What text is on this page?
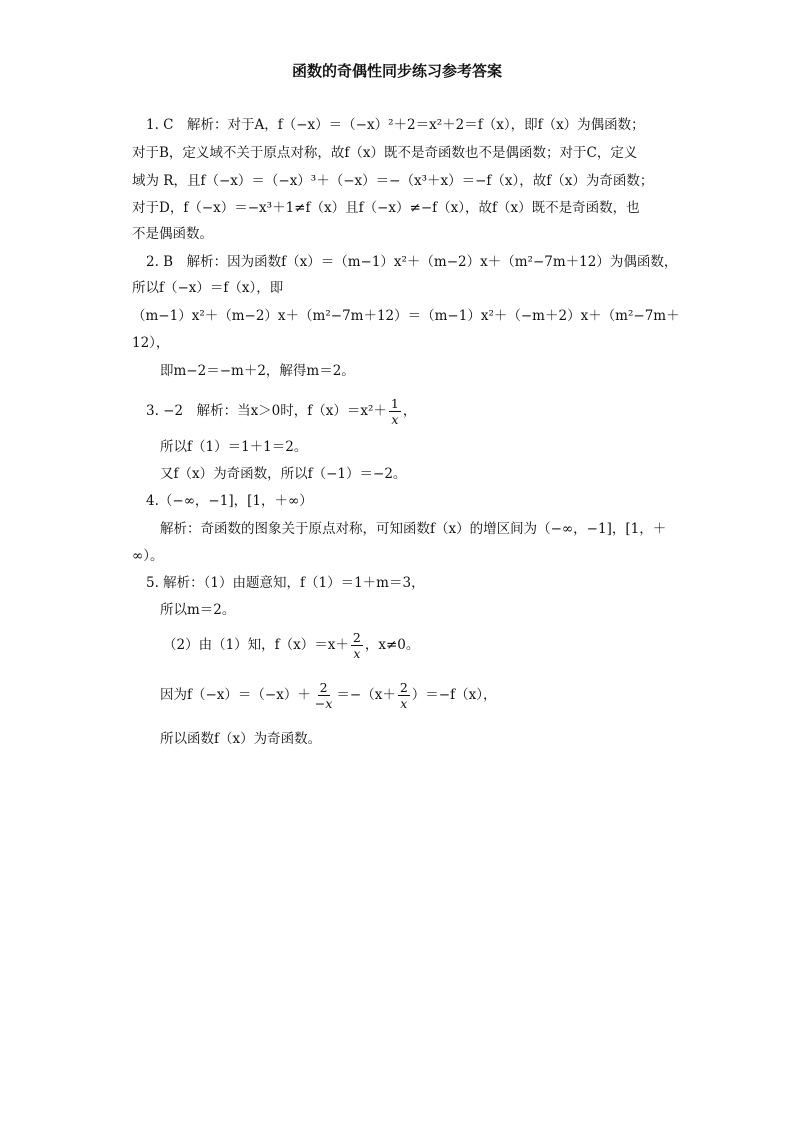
函数的奇偶性同步练习参考答案
1. C　解析：对于A，f（−x）＝（−x）²＋2＝x²＋2＝f（x），即f（x）为偶函数；
对于B，定义域不关于原点对称，故f（x）既不是奇函数也不是偶函数；对于C，定义
域为 R，且f（−x）＝（−x）³＋（−x）＝−（x³＋x）＝−f（x），故f（x）为奇函数；
对于D，f（−x）＝−x³＋1≠f（x）且f（−x）≠−f（x），故f（x）既不是奇函数，也
不是偶函数。
2. B　解析：因为函数f（x）＝（m−1）x²＋（m−2）x＋（m²−7m＋12）为偶函数，
所以f（−x）＝f（x），即
（m−1）x²＋（m−2）x＋（m²−7m＋12）＝（m−1）x²＋（−m＋2）x＋（m²−7m＋
12），
即m−2＝−m＋2，解得m＝2。
3. −2　解析：当x＞0时，$f(x)=x^2+ \frac{1}{x}$ ，
所以f（1）＝1＋1＝2。
又f（x）为奇函数，所以f（−1）＝−2。
4.（−∞，−1]，[1，＋∞）
解析：奇函数的图象关于原点对称，可知函数f（x）的增区间为（−∞，−1]，[1，＋
∞）。
5. 解析：（1）由题意知，f（1）＝1＋m＝3，
所以m＝2。
（2）由（1）知，$f(x)=x+ \frac{2}{x}$ ，x≠0。
因为$f(-x)=(-x)+ \frac{2}{-x} =-(x+ \frac{2}{x} )=-f(x)$，
所以函数f（x）为奇函数。
